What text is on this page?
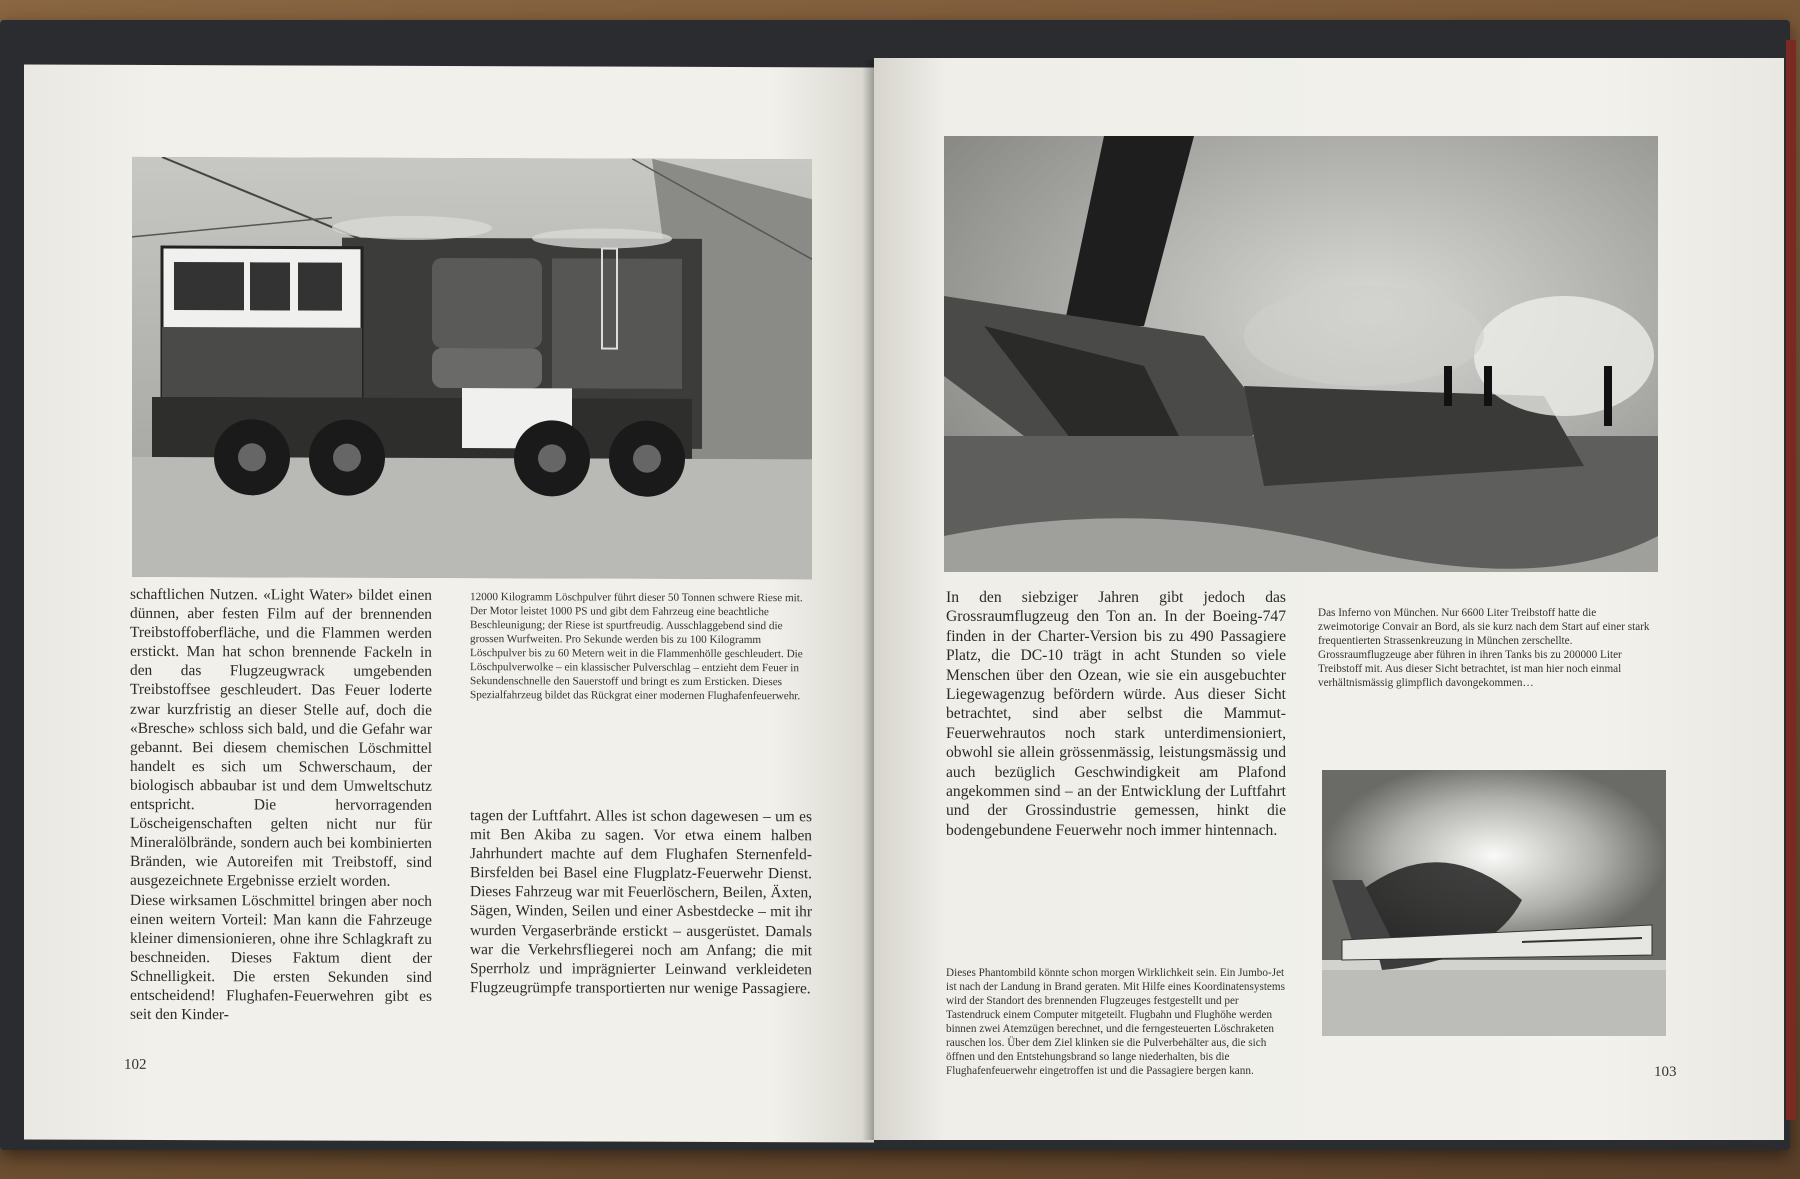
schaftlichen Nutzen. «Light Water» bildet einen dünnen, aber festen Film auf der brennenden Treibstoffoberfläche, und die Flammen werden erstickt. Man hat schon brennende Fackeln in den das Flugzeugwrack umgebenden Treibstoffsee geschleudert. Das Feuer loderte zwar kurzfristig an dieser Stelle auf, doch die «Bresche» schloss sich bald, und die Gefahr war gebannt. Bei diesem chemischen Löschmittel handelt es sich um Schwerschaum, der biologisch abbaubar ist und dem Umweltschutz entspricht. Die hervorragenden Löscheigenschaften gelten nicht nur für Mineralölbrände, sondern auch bei kombinierten Bränden, wie Autoreifen mit Treibstoff, sind ausgezeichnete Ergebnisse erzielt worden.
Diese wirksamen Löschmittel bringen aber noch einen weitern Vorteil: Man kann die Fahrzeuge kleiner dimensionieren, ohne ihre Schlagkraft zu beschneiden. Dieses Faktum dient der Schnelligkeit. Die ersten Sekunden sind entscheidend! Flughafen-Feuerwehren gibt es seit den Kinder-
12000 Kilogramm Löschpulver führt dieser 50 Tonnen schwere Riese mit. Der Motor leistet 1000 PS und gibt dem Fahrzeug eine beachtliche Beschleunigung; der Riese ist spurtfreudig. Ausschlaggebend sind die grossen Wurfweiten. Pro Sekunde werden bis zu 100 Kilogramm Löschpulver bis zu 60 Metern weit in die Flammenhölle geschleudert. Die Löschpulverwolke – ein klassischer Pulverschlag – entzieht dem Feuer in Sekundenschnelle den Sauerstoff und bringt es zum Ersticken. Dieses Spezialfahrzeug bildet das Rückgrat einer modernen Flughafenfeuerwehr.
tagen der Luftfahrt. Alles ist schon dagewesen – um es mit Ben Akiba zu sagen. Vor etwa einem halben Jahrhundert machte auf dem Flughafen Sternenfeld-Birsfelden bei Basel eine Flugplatz-Feuerwehr Dienst. Dieses Fahrzeug war mit Feuerlöschern, Beilen, Äxten, Sägen, Winden, Seilen und einer Asbestdecke – mit ihr wurden Vergaserbrände erstickt – ausgerüstet. Damals war die Verkehrsfliegerei noch am Anfang; die mit Sperrholz und imprägnierter Leinwand verkleideten Flugzeugrümpfe transportierten nur wenige Passagiere.
102
In den siebziger Jahren gibt jedoch das Grossraumflugzeug den Ton an. In der Boeing-747 finden in der Charter-Version bis zu 490 Passagiere Platz, die DC-10 trägt in acht Stunden so viele Menschen über den Ozean, wie sie ein ausgebuchter Liegewagenzug befördern würde. Aus dieser Sicht betrachtet, sind aber selbst die Mammut-Feuerwehrautos noch stark unterdimensioniert, obwohl sie allein grössenmässig, leistungsmässig und auch bezüglich Geschwindigkeit am Plafond angekommen sind – an der Entwicklung der Luftfahrt und der Grossindustrie gemessen, hinkt die bodengebundene Feuerwehr noch immer hintennach.
Das Inferno von München. Nur 6600 Liter Treibstoff hatte die zweimotorige Convair an Bord, als sie kurz nach dem Start auf einer stark frequentierten Strassenkreuzung in München zerschellte. Grossraumflugzeuge aber führen in ihren Tanks bis zu 200000 Liter Treibstoff mit. Aus dieser Sicht betrachtet, ist man hier noch einmal verhältnismässig glimpflich davongekommen…
Dieses Phantombild könnte schon morgen Wirklichkeit sein. Ein Jumbo-Jet ist nach der Landung in Brand geraten. Mit Hilfe eines Koordinatensystems wird der Standort des brennenden Flugzeuges festgestellt und per Tastendruck einem Computer mitgeteilt. Flugbahn und Flughöhe werden binnen zwei Atemzügen berechnet, und die ferngesteuerten Löschraketen rauschen los. Über dem Ziel klinken sie die Pulverbehälter aus, die sich öffnen und den Entstehungsbrand so lange niederhalten, bis die Flughafenfeuerwehr eingetroffen ist und die Passagiere bergen kann.	103
